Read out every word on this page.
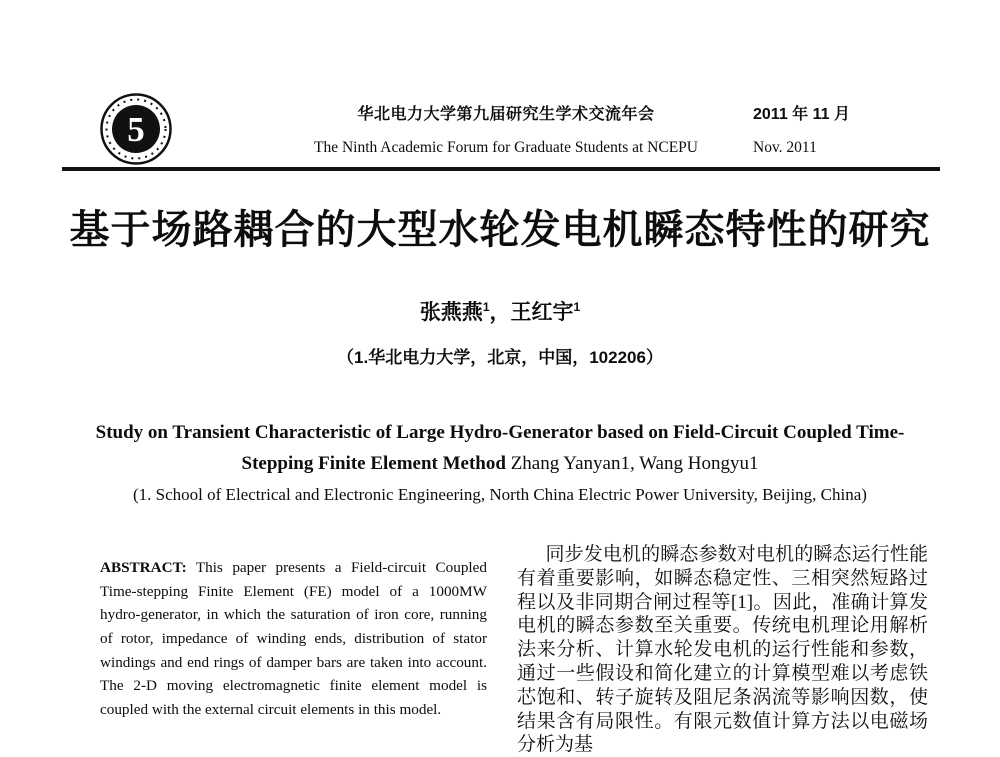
5	华北电力大学第九届研究生学术交流年会
The Ninth Academic Forum for Graduate Students at NCEPU
2011 年 11 月
Nov. 2011
基于场路耦合的大型水轮发电机瞬态特性的研究
张燕燕$^1$，王红宇$^1$
（1.华北电力大学，北京，中国，102206）
Study on Transient Characteristic of Large Hydro-Generator based on Field-Circuit Coupled Time-Stepping Finite Element Method Zhang Yanyan1, Wang Hongyu1
(1. School of Electrical and Electronic Engineering, North China Electric Power University, Beijing, China)
ABSTRACT: This paper presents a Field-circuit Coupled Time-stepping Finite Element (FE) model of a 1000MW hydro-generator, in which the saturation of iron core, running of rotor, impedance of winding ends, distribution of stator windings and end rings of damper bars are taken into account. The 2-D moving electromagnetic finite element model is coupled with the external circuit elements in this model.
同步发电机的瞬态参数对电机的瞬态运行性能有着重要影响，如瞬态稳定性、三相突然短路过程以及非同期合闸过程等[1]。因此，准确计算发电机的瞬态参数至关重要。传统电机理论用解析法来分析、计算水轮发电机的运行性能和参数，通过一些假设和简化建立的计算模型难以考虑铁芯饱和、转子旋转及阻尼条涡流等影响因数，使结果含有局限性。有限元数值计算方法以电磁场分析为基
